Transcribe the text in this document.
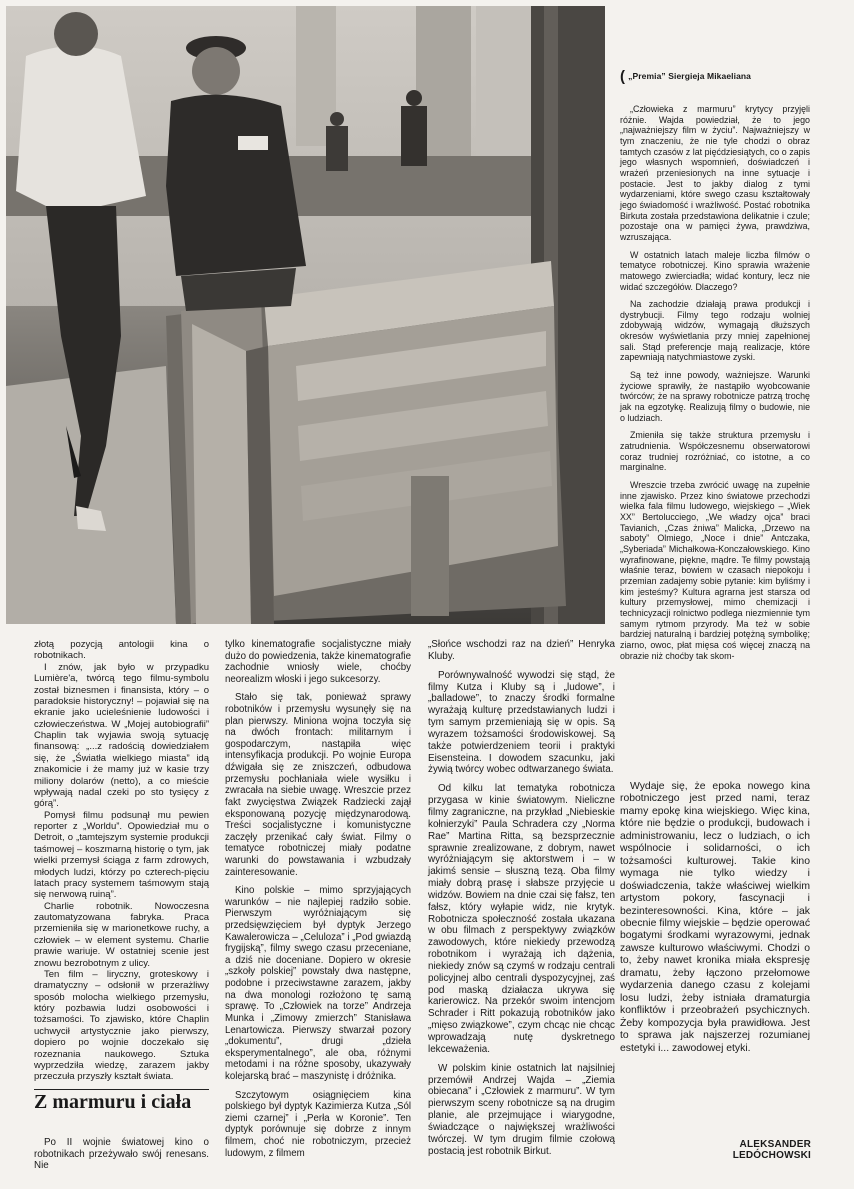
( „Premia” Siergieja Mikaeliana

„Człowieka z marmuru” krytycy przyjęli różnie. Wajda powiedział, że to jego „najważniejszy film w życiu”. Najważniejszy w tym znaczeniu, że nie tyle chodzi o obraz tamtych czasów z lat pięćdziesiątych, co o zapis jego własnych wspomnień, doświadczeń i wrażeń przeniesionych na inne sytuacje i postacie. Jest to jakby dialog z tymi wydarzeniami, które swego czasu kształtowały jego świadomość i wrażliwość. Postać robotnika Birkuta została przedstawiona delikatnie i czule; pozostaje ona w pamięci żywa, prawdziwa, wzruszająca.

W ostatnich latach maleje liczba filmów o tematyce robotniczej. Kino sprawia wrażenie matowego zwierciadła; widać kontury, lecz nie widać szczegółów. Dlaczego?

Na zachodzie działają prawa produkcji i dystrybucji. Filmy tego rodzaju wolniej zdobywają widzów, wymagają dłuższych okresów wyświetlania przy mniej zapełnionej sali. Stąd preferencje mają realizacje, które zapewniają natychmiastowe zyski.

Są też inne powody, ważniejsze. Warunki życiowe sprawiły, że nastąpiło wyobcowanie twórców; że na sprawy robotnicze patrzą trochę jak na egzotykę. Realizują filmy o budowie, nie o ludziach.

Zmieniła się także struktura przemysłu i zatrudnienia. Współczesnemu obserwatorowi coraz trudniej rozróżniać, co istotne, a co marginalne.

Wreszcie trzeba zwrócić uwagę na zupełnie inne zjawisko. Przez kino światowe przechodzi wielka fala filmu ludowego, wiejskiego – „Wiek XX” Bertolucciego, „We władzy ojca” braci Tavianich, „Czas żniwa” Malicka, „Drzewo na saboty” Olmiego, „Noce i dnie” Antczaka, „Syberiada” Michałkowa-Konczałowskiego. Kino wyrafinowane, piękne, mądre. Te filmy powstają właśnie teraz, bowiem w czasach niepokoju i przemian zadajemy sobie pytanie: kim byliśmy i kim jesteśmy? Kultura agrarna jest starsza od kultury przemysłowej, mimo chemizacji i technicyzacji rolnictwo podlega niezmiennie tym samym rytmom przyrody. Ma też w sobie bardziej naturalną i bardziej potężną symbolikę; ziarno, owoc, płat mięsa coś więcej znaczą na obrazie niż choćby tak skom-

złotą pozycją antologii kina o robotnikach.

I znów, jak było w przypadku Lumière'a, twórcą tego filmu-symbolu został biznesmen i finansista, który – o paradoksie historyczny! – pojawiał się na ekranie jako ucieleśnienie ludowości i człowieczeństwa. W „Mojej autobiografii” Chaplin tak wyjawia swoją sytuację finansową: „...z radością dowiedziałem się, że „Światła wielkiego miasta” idą znakomicie i że mamy już w kasie trzy miliony dolarów (netto), a co mieście wpływają nadal czeki po sto tysięcy z górą”.

Pomysł filmu podsunął mu pewien reporter z „Worldu”. Opowiedział mu o Detroit, o „tamtejszym systemie produkcji taśmowej – koszmarną historię o tym, jak wielki przemysł ściąga z farm zdrowych, młodych ludzi, którzy po czterech-pięciu latach pracy systemem taśmowym stają się nerwową ruiną”.

Charlie robotnik. Nowoczesna zautomatyzowana fabryka. Praca przemieniła się w marionetkowe ruchy, a człowiek – w element systemu. Charlie prawie wariuje. W ostatniej scenie jest znowu bezrobotnym z ulicy.

Ten film – liryczny, groteskowy i dramatyczny – odsłonił w przerażliwy sposób molocha wielkiego przemysłu, który pozbawia ludzi osobowości i tożsamości. To zjawisko, które Chaplin uchwycił artystycznie jako pierwszy, dopiero po wojnie doczekało się rozeznania naukowego. Sztuka wyprzedziła wiedzę, zarazem jakby przeczuła przyszły kształt świata.

Z marmuru i ciała

Po II wojnie światowej kino o robotnikach przeżywało swój renesans. Nie

tylko kinematografie socjalistyczne miały dużo do powiedzenia, także kinematografie zachodnie wniosły wiele, choćby neorealizm włoski i jego sukcesorzy.

Stało się tak, ponieważ sprawy robotników i przemysłu wysunęły się na plan pierwszy. Miniona wojna toczyła się na dwóch frontach: militarnym i gospodarczym, nastąpiła więc intensyfikacja produkcji. Po wojnie Europa dźwigała się ze zniszczeń, odbudowa przemysłu pochłaniała wiele wysiłku i zwracała na siebie uwagę. Wreszcie przez fakt zwycięstwa Związek Radziecki zajął eksponowaną pozycję międzynarodową. Treści socjalistyczne i komunistyczne zaczęły przenikać cały świat. Filmy o tematyce robotniczej miały podatne warunki do powstawania i wzbudzały zainteresowanie.

Kino polskie – mimo sprzyjających warunków – nie najlepiej radziło sobie. Pierwszym wyróżniającym się przedsięwzięciem był dyptyk Jerzego Kawalerowicza – „Celuloza” i „Pod gwiazdą frygijską”, filmy swego czasu przeceniane, a dziś nie doceniane. Dopiero w okresie „szkoły polskiej” powstały dwa następne, podobne i przeciwstawne zarazem, jakby na dwa monologi rozłożono tę samą sprawę. To „Człowiek na torze” Andrzeja Munka i „Zimowy zmierzch” Stanisława Lenartowicza. Pierwszy stwarzał pozory „dokumentu”, drugi „dzieła eksperymentalnego”, ale oba, różnymi metodami i na różne sposoby, ukazywały kolejarską brać – maszynistę i dróżnika.

Szczytowym osiągnięciem kina polskiego był dyptyk Kazimierza Kutza „Sól ziemi czarnej” i „Perła w Koronie”. Ten dyptyk porównuje się dobrze z innym filmem, choć nie robotniczym, przecież ludowym, z filmem

„Słońce wschodzi raz na dzień” Henryka Kluby.

Porównywalność wywodzi się stąd, że filmy Kutza i Kluby są i „ludowe”, i „balladowe”, to znaczy środki formalne wyrażają kulturę przedstawianych ludzi i tym samym przemieniają się w opis. Są wyrazem tożsamości środowiskowej. Są także potwierdzeniem teorii i praktyki Eisensteina. I dowodem szacunku, jaki żywią twórcy wobec odtwarzanego świata.

Od kilku lat tematyka robotnicza przygasa w kinie światowym. Nieliczne filmy zagraniczne, na przykład „Niebieskie kołnierzyki” Paula Schradera czy „Norma Rae” Martina Ritta, są bezsprzecznie sprawnie zrealizowane, z dobrym, nawet wyróżniającym się aktorstwem i – w jakimś sensie – słuszną tezą. Oba filmy miały dobrą prasę i słabsze przyjęcie u widzów. Bowiem na dnie czai się fałsz, ten fałsz, który wyłapie widz, nie krytyk. Robotnicza społeczność została ukazana w obu filmach z perspektywy związków zawodowych, które niekiedy przewodzą robotnikom i wyrażają ich dążenia, niekiedy znów są czymś w rodzaju centrali policyjnej albo centrali dyspozycyjnej, zaś pod maską działacza ukrywa się karierowicz. Na przekór swoim intencjom Schrader i Ritt pokazują robotników jako „mięso związkowe”, czym chcąc nie chcąc wprowadzają nutę dyskretnego lekceważenia.

W polskim kinie ostatnich lat najsilniej przemówił Andrzej Wajda – „Ziemia obiecana” i „Człowiek z marmuru”. W tym pierwszym sceny robotnicze są na drugim planie, ale przejmujące i wiarygodne, świadczące o największej wrażliwości twórczej. W tym drugim filmie czołową postacią jest robotnik Birkut.

Wydaje się, że epoka nowego kina robotniczego jest przed nami, teraz mamy epokę kina wiejskiego. Więc kina, które nie będzie o produkcji, budowach i administrowaniu, lecz o ludziach, o ich wspólnocie i solidarności, o ich tożsamości kulturowej. Takie kino wymaga nie tylko wiedzy i doświadczenia, także właściwej wielkim artystom pokory, fascynacji i bezinteresowności. Kina, które – jak obecnie filmy wiejskie – będzie operować bogatymi środkami wyrazowymi, jednak zawsze kulturowo właściwymi. Chodzi o to, żeby nawet kronika miała ekspresję dramatu, żeby łączono przełomowe wydarzenia danego czasu z kolejami losu ludzi, żeby istniała dramaturgia konfliktów i przeobrażeń psychicznych. Żeby kompozycja była prawidłowa. Jest to sprawa jak najszerzej rozumianej estetyki i... zawodowej etyki.

ALEKSANDER LEDÓCHOWSKI
